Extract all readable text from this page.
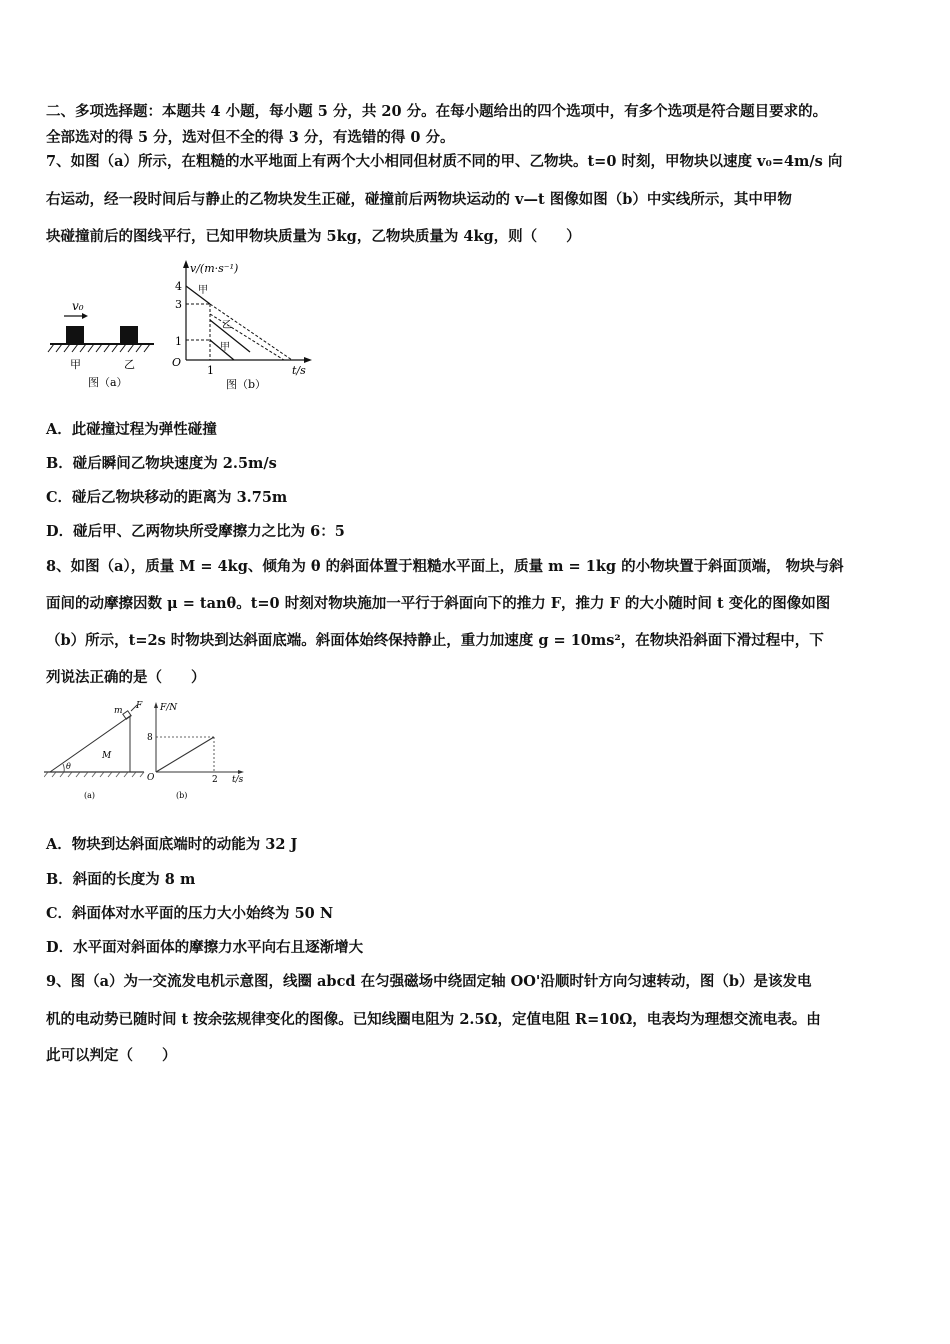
二、多项选择题：本题共 4 小题，每小题 5 分，共 20 分。在每小题给出的四个选项中，有多个选项是符合题目要求的。
全部选对的得 5 分，选对但不全的得 3 分，有选错的得 0 分。
7、如图（a）所示，在粗糙的水平地面上有两个大小相同但材质不同的甲、乙物块。t=0 时刻，甲物块以速度 v₀=4m/s 向
右运动，经一段时间后与静止的乙物块发生正碰，碰撞前后两物块运动的 v—t 图像如图（b）中实线所示，其中甲物
块碰撞前后的图线平行，已知甲物块质量为 5kg，乙物块质量为 4kg，则（　　）
v₀
甲	乙
图（a）
v/(m·s⁻¹)
t/s
O
4
3
1
1
甲
乙
甲
图（b）
A．此碰撞过程为弹性碰撞
B．碰后瞬间乙物块速度为 2.5m/s
C．碰后乙物块移动的距离为 3.75m
D．碰后甲、乙两物块所受摩擦力之比为 6：5
8、如图（a），质量 M = 4kg、倾角为 θ 的斜面体置于粗糙水平面上，质量 m = 1kg 的小物块置于斜面顶端， 物块与斜
面间的动摩擦因数 μ = tanθ。t=0 时刻对物块施加一平行于斜面向下的推力 F，推力 F 的大小随时间 t 变化的图像如图
（b）所示，t=2s 时物块到达斜面底端。斜面体始终保持静止，重力加速度 g = 10ms²，在物块沿斜面下滑过程中，下
列说法正确的是（　　）
m F
M
θ
(a)
F/N
8
O	2 t/s
(b)
A．物块到达斜面底端时的动能为 32 J
B．斜面的长度为 8 m
C．斜面体对水平面的压力大小始终为 50 N
D．水平面对斜面体的摩擦力水平向右且逐渐增大
9、图（a）为一交流发电机示意图，线圈 abcd 在匀强磁场中绕固定轴 OO'沿顺时针方向匀速转动，图（b）是该发电
机的电动势已随时间 t 按余弦规律变化的图像。已知线圈电阻为 2.5Ω，定值电阻 R=10Ω，电表均为理想交流电表。由
此可以判定（　　）
